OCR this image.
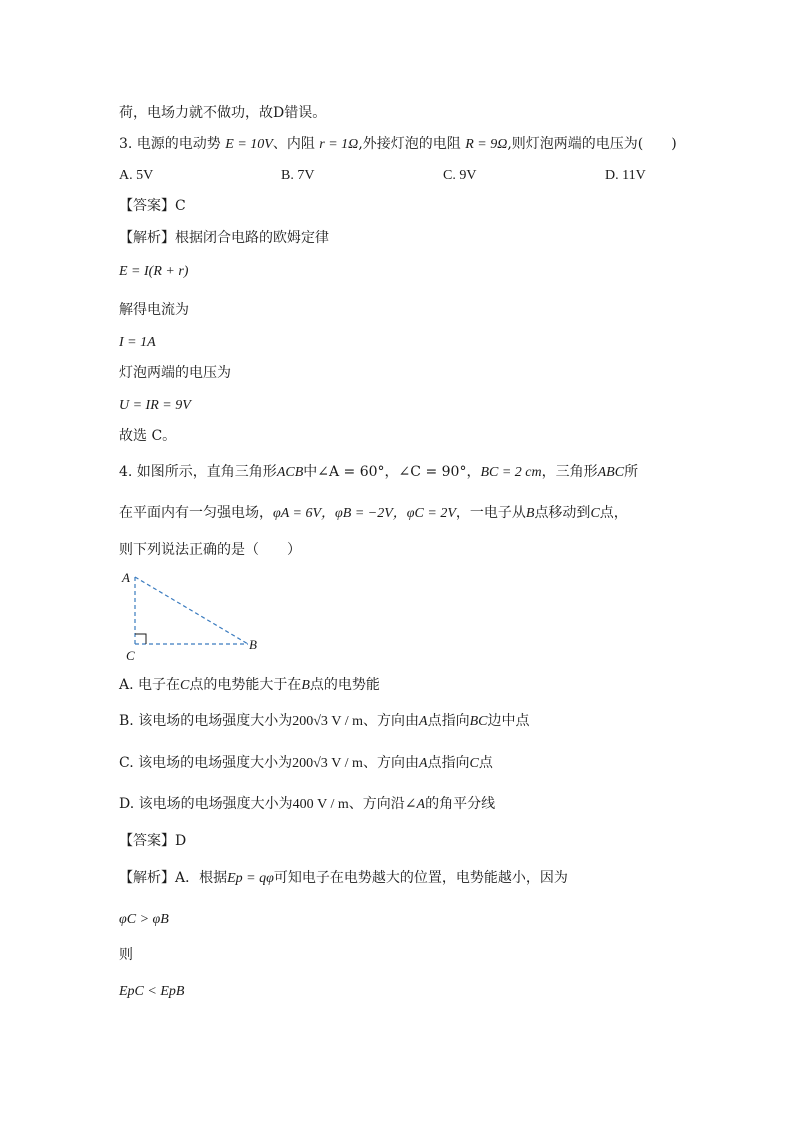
荷，电场力就不做功，故D错误。
3. 电源的电动势 E = 10V、内阻 r = 1Ω,外接灯泡的电阻 R = 9Ω,则灯泡两端的电压为(　　)
A. 5V	B. 7V	C. 9V	D. 11V
【答案】C
【解析】根据闭合电路的欧姆定律
E = I(R + r)
解得电流为
I = 1A
灯泡两端的电压为
U = IR = 9V
故选 C。
4. 如图所示，直角三角形ACB中∠A = 60°，∠C = 90°，BC = 2 cm，三角形ABC所
在平面内有一匀强电场，φA = 6V，φB = −2V，φC = 2V，一电子从B点移动到C点，
则下列说法正确的是（　　）
A
B
C
A. 电子在C点的电势能大于在B点的电势能
B. 该电场的电场强度大小为200√3 V / m、方向由A点指向BC边中点
C. 该电场的电场强度大小为200√3 V / m、方向由A点指向C点
D. 该电场的电场强度大小为400 V / m、方向沿∠A的角平分线
【答案】D
【解析】A．根据Ep = qφ可知电子在电势越大的位置，电势能越小，因为
φC > φB
则
EpC < EpB
